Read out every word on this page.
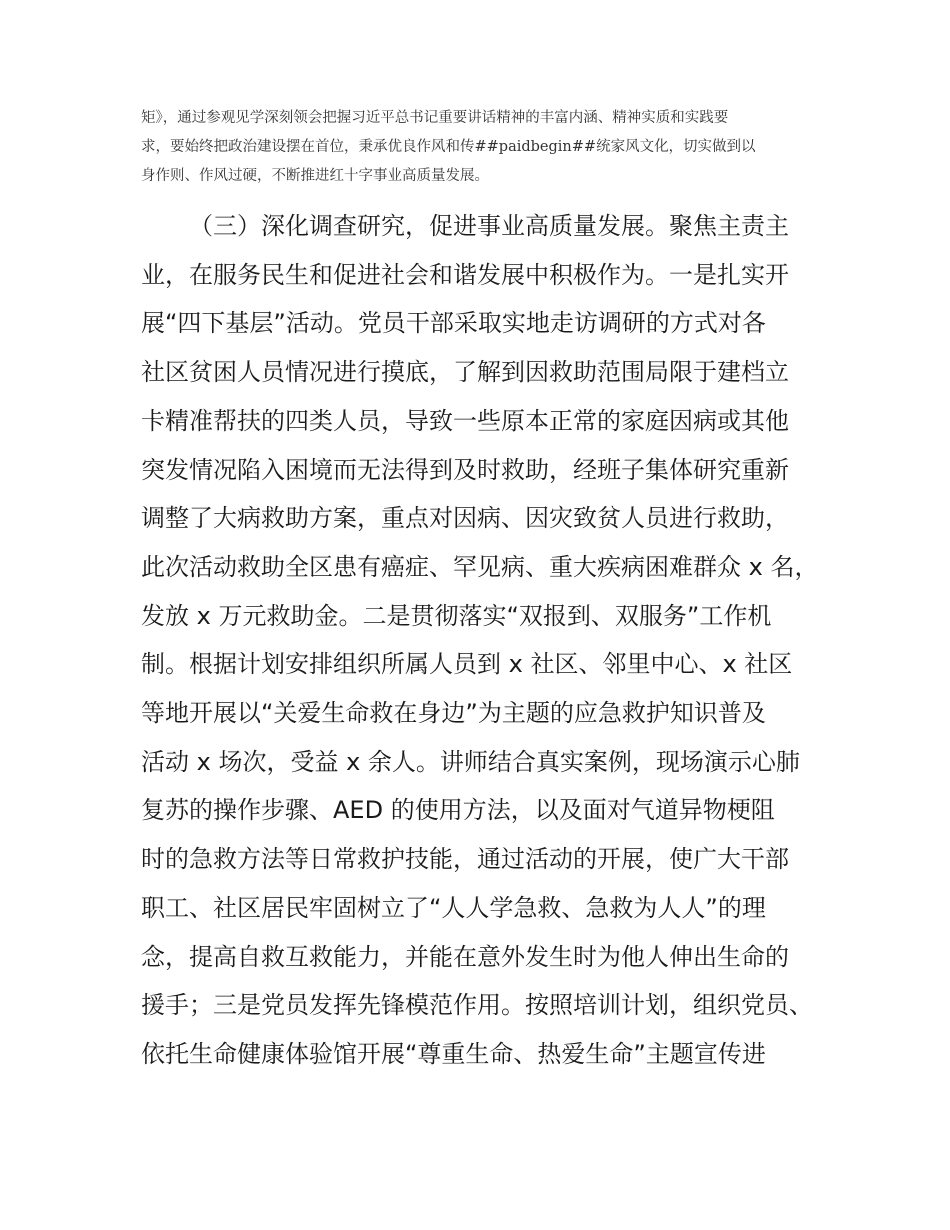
矩》，通过参观见学深刻领会把握习近平总书记重要讲话精神的丰富内涵、精神实质和实践要
求，要始终把政治建设摆在首位，秉承优良作风和传##paidbegin##统家风文化，切实做到以
身作则、作风过硬，不断推进红十字事业高质量发展。

（三）深化调查研究，促进事业高质量发展。聚焦主责主
业，在服务民生和促进社会和谐发展中积极作为。一是扎实开
展“四下基层”活动。党员干部采取实地走访调研的方式对各
社区贫困人员情况进行摸底，了解到因救助范围局限于建档立
卡精准帮扶的四类人员，导致一些原本正常的家庭因病或其他
突发情况陷入困境而无法得到及时救助，经班子集体研究重新
调整了大病救助方案，重点对因病、因灾致贫人员进行救助，
此次活动救助全区患有癌症、罕见病、重大疾病困难群众 x 名，
发放 x 万元救助金。二是贯彻落实“双报到、双服务”工作机
制。根据计划安排组织所属人员到 x 社区、邻里中心、x 社区
等地开展以“关爱生命救在身边”为主题的应急救护知识普及
活动 x 场次，受益 x 余人。讲师结合真实案例，现场演示心肺
复苏的操作步骤、AED 的使用方法，以及面对气道异物梗阻
时的急救方法等日常救护技能，通过活动的开展，使广大干部
职工、社区居民牢固树立了“人人学急救、急救为人人”的理
念，提高自救互救能力，并能在意外发生时为他人伸出生命的
援手；三是党员发挥先锋模范作用。按照培训计划，组织党员、
依托生命健康体验馆开展“尊重生命、热爱生命”主题宣传进
